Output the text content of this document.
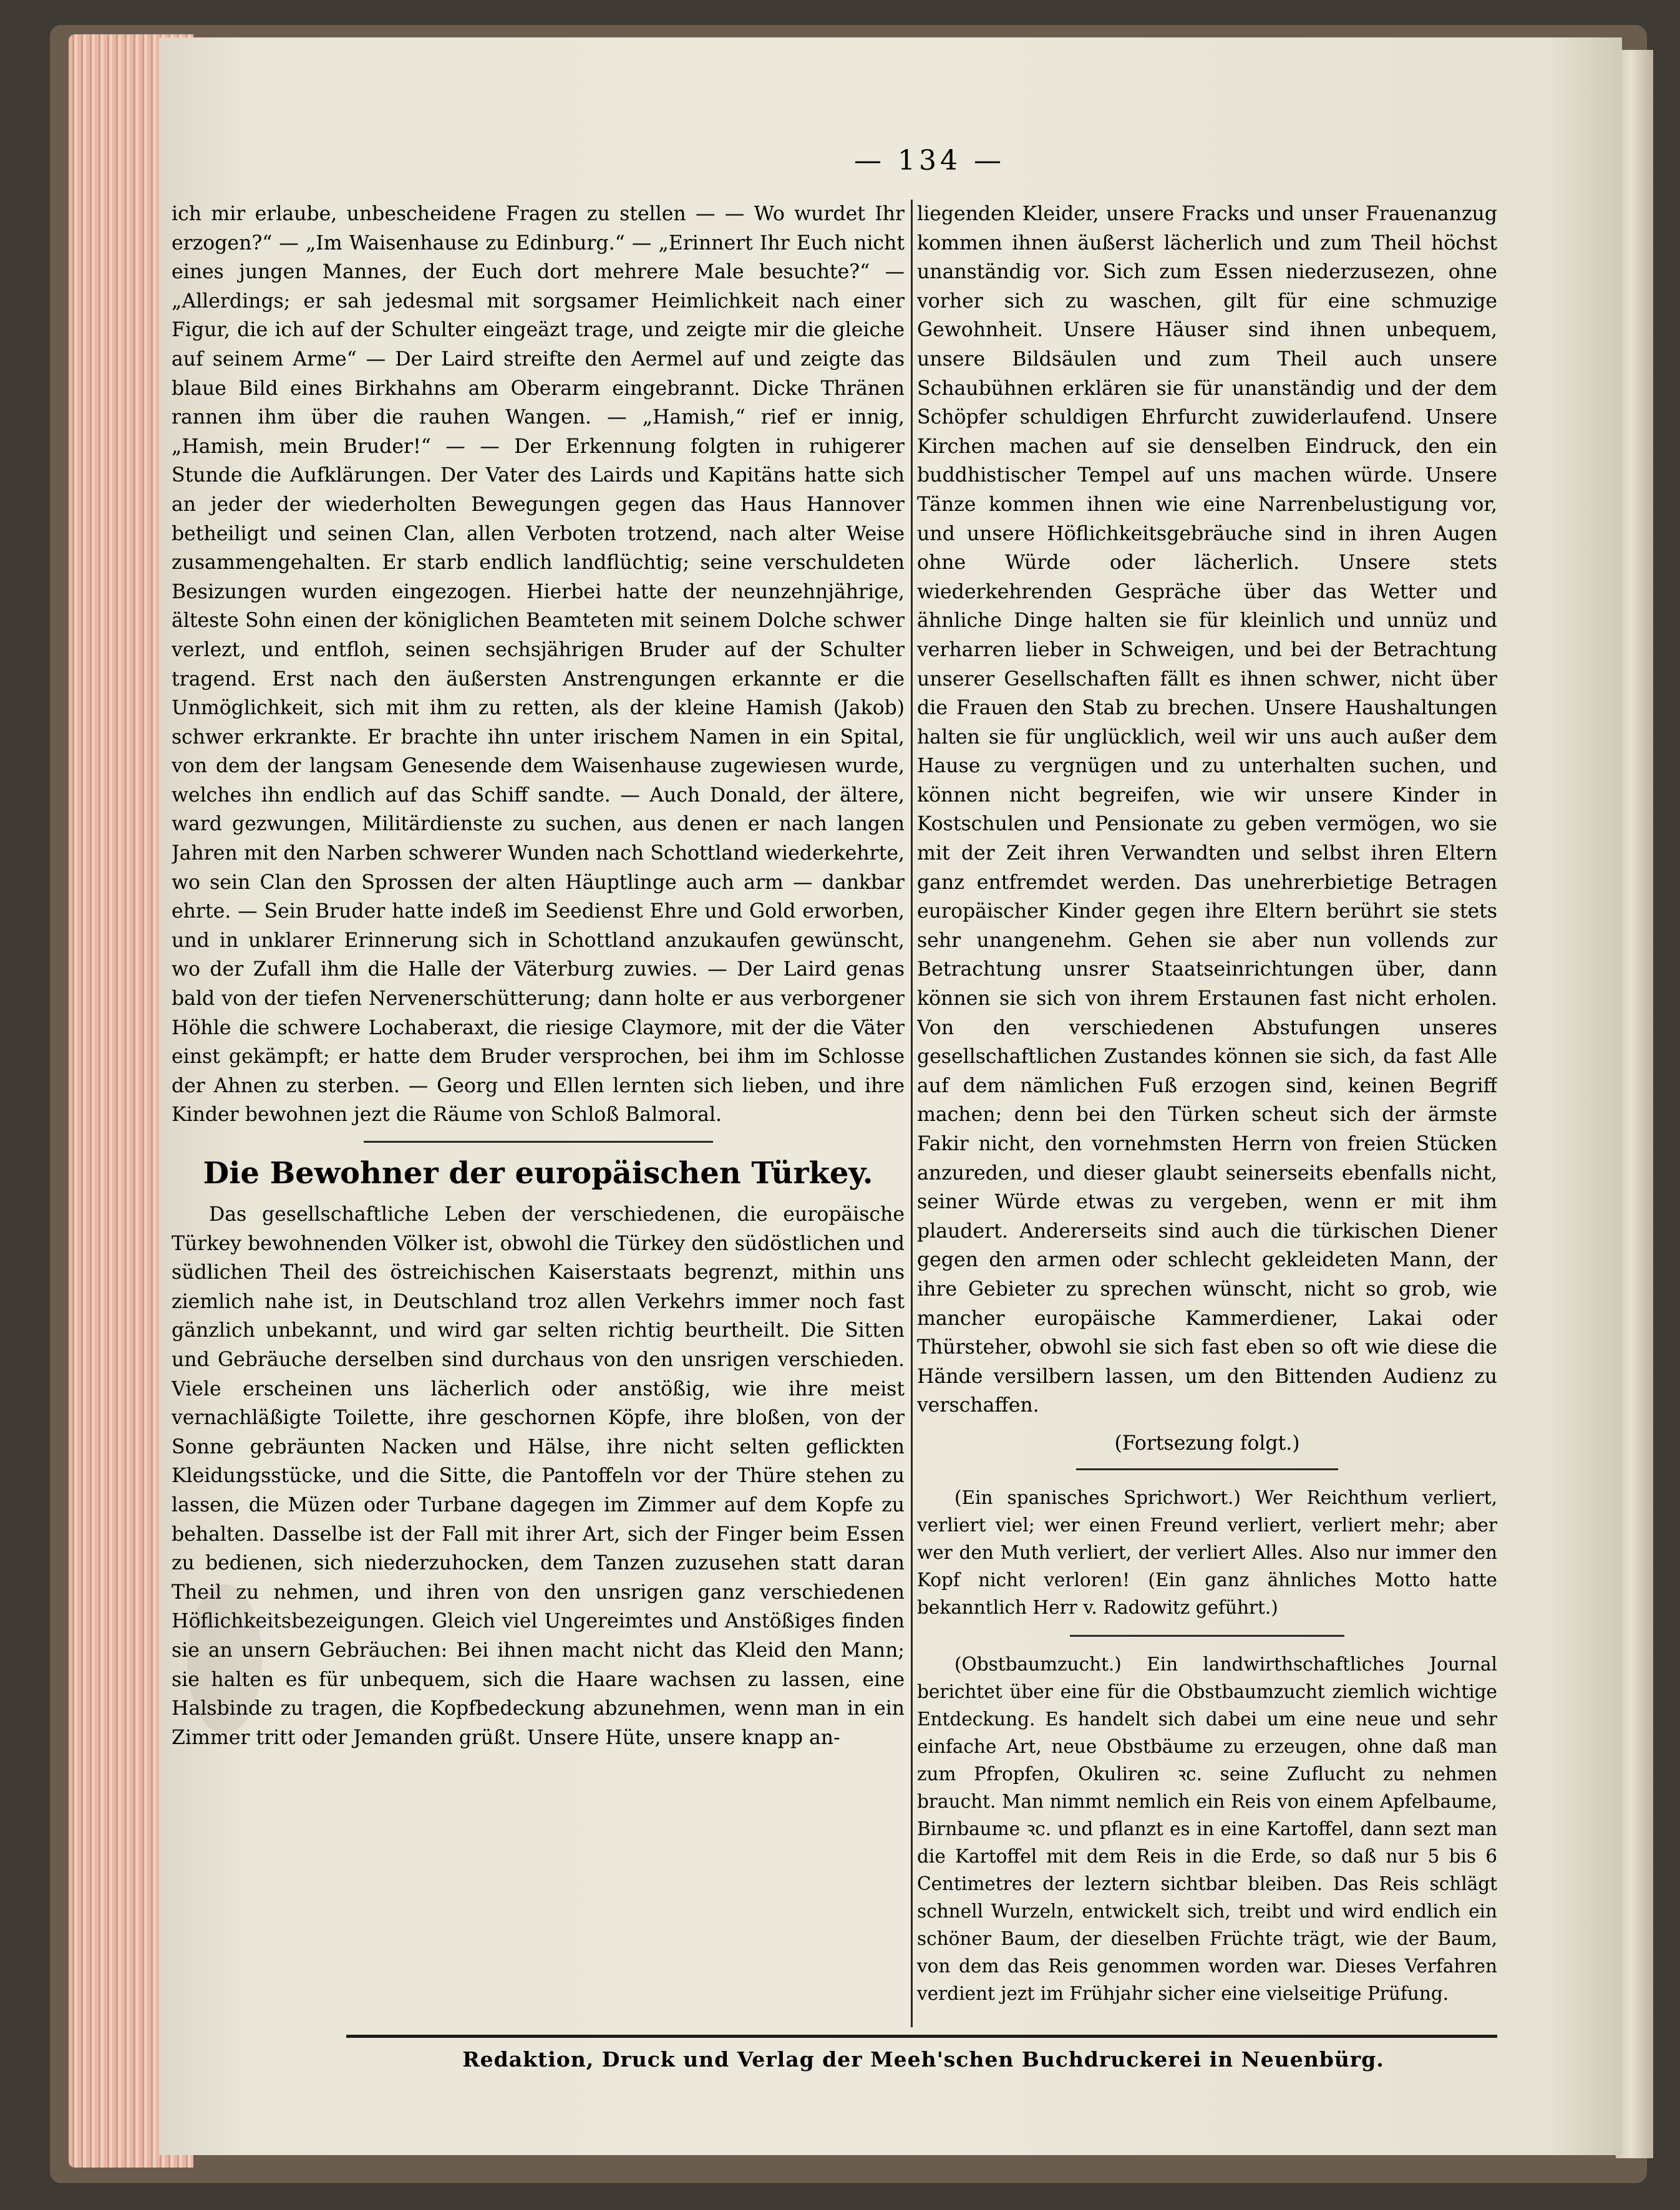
— 134 —

ich mir erlaube, unbescheidene Fragen zu stellen — — Wo wurdet Ihr erzogen?“ — „Im Waisenhause zu Edinburg.“ — „Erinnert Ihr Euch nicht eines jungen Mannes, der Euch dort mehrere Male besuchte?“ — „Allerdings; er sah jedesmal mit sorgsamer Heimlichkeit nach einer Figur, die ich auf der Schulter eingeäzt trage, und zeigte mir die gleiche auf seinem Arme“ — Der Laird streifte den Aermel auf und zeigte das blaue Bild eines Birkhahns am Oberarm eingebrannt. Dicke Thränen rannen ihm über die rauhen Wangen. — „Hamish,“ rief er innig, „Hamish, mein Bruder!“ — — Der Erkennung folgten in ruhigerer Stunde die Aufklärungen. Der Vater des Lairds und Kapitäns hatte sich an jeder der wiederholten Bewegungen gegen das Haus Hannover betheiligt und seinen Clan, allen Verboten trotzend, nach alter Weise zusammengehalten. Er starb endlich landflüchtig; seine verschuldeten Besizungen wurden eingezogen. Hierbei hatte der neunzehnjährige, älteste Sohn einen der königlichen Beamteten mit seinem Dolche schwer verlezt, und entfloh, seinen sechsjährigen Bruder auf der Schulter tragend. Erst nach den äußersten Anstrengungen erkannte er die Unmöglichkeit, sich mit ihm zu retten, als der kleine Hamish (Jakob) schwer erkrankte. Er brachte ihn unter irischem Namen in ein Spital, von dem der langsam Genesende dem Waisenhause zugewiesen wurde, welches ihn endlich auf das Schiff sandte. — Auch Donald, der ältere, ward gezwungen, Militärdienste zu suchen, aus denen er nach langen Jahren mit den Narben schwerer Wunden nach Schottland wiederkehrte, wo sein Clan den Sprossen der alten Häuptlinge auch arm — dankbar ehrte. — Sein Bruder hatte indeß im Seedienst Ehre und Gold erworben, und in unklarer Erinnerung sich in Schottland anzukaufen gewünscht, wo der Zufall ihm die Halle der Väterburg zuwies. — Der Laird genas bald von der tiefen Nervenerschütterung; dann holte er aus verborgener Höhle die schwere Lochaberaxt, die riesige Claymore, mit der die Väter einst gekämpft; er hatte dem Bruder versprochen, bei ihm im Schlosse der Ahnen zu sterben. — Georg und Ellen lernten sich lieben, und ihre Kinder bewohnen jezt die Räume von Schloß Balmoral.

Die Bewohner der europäischen Türkey.

Das gesellschaftliche Leben der verschiedenen, die europäische Türkey bewohnenden Völker ist, obwohl die Türkey den südöstlichen und südlichen Theil des östreichischen Kaiserstaats begrenzt, mithin uns ziemlich nahe ist, in Deutschland troz allen Verkehrs immer noch fast gänzlich unbekannt, und wird gar selten richtig beurtheilt. Die Sitten und Gebräuche derselben sind durchaus von den unsrigen verschieden. Viele erscheinen uns lächerlich oder anstößig, wie ihre meist vernachläßigte Toilette, ihre geschornen Köpfe, ihre bloßen, von der Sonne gebräunten Nacken und Hälse, ihre nicht selten geflickten Kleidungsstücke, und die Sitte, die Pantoffeln vor der Thüre stehen zu lassen, die Müzen oder Turbane dagegen im Zimmer auf dem Kopfe zu behalten. Dasselbe ist der Fall mit ihrer Art, sich der Finger beim Essen zu bedienen, sich niederzuhocken, dem Tanzen zuzusehen statt daran Theil zu nehmen, und ihren von den unsrigen ganz verschiedenen Höflichkeitsbezeigungen. Gleich viel Ungereimtes und Anstößiges finden sie an unsern Gebräuchen: Bei ihnen macht nicht das Kleid den Mann; sie halten es für unbequem, sich die Haare wachsen zu lassen, eine Halsbinde zu tragen, die Kopfbedeckung abzunehmen, wenn man in ein Zimmer tritt oder Jemanden grüßt. Unsere Hüte, unsere knapp an-

liegenden Kleider, unsere Fracks und unser Frauenanzug kommen ihnen äußerst lächerlich und zum Theil höchst unanständig vor. Sich zum Essen niederzusezen, ohne vorher sich zu waschen, gilt für eine schmuzige Gewohnheit. Unsere Häuser sind ihnen unbequem, unsere Bildsäulen und zum Theil auch unsere Schaubühnen erklären sie für unanständig und der dem Schöpfer schuldigen Ehrfurcht zuwiderlaufend. Unsere Kirchen machen auf sie denselben Eindruck, den ein buddhistischer Tempel auf uns machen würde. Unsere Tänze kommen ihnen wie eine Narrenbelustigung vor, und unsere Höflichkeitsgebräuche sind in ihren Augen ohne Würde oder lächerlich. Unsere stets wiederkehrenden Gespräche über das Wetter und ähnliche Dinge halten sie für kleinlich und unnüz und verharren lieber in Schweigen, und bei der Betrachtung unserer Gesellschaften fällt es ihnen schwer, nicht über die Frauen den Stab zu brechen. Unsere Haushaltungen halten sie für unglücklich, weil wir uns auch außer dem Hause zu vergnügen und zu unterhalten suchen, und können nicht begreifen, wie wir unsere Kinder in Kostschulen und Pensionate zu geben vermögen, wo sie mit der Zeit ihren Verwandten und selbst ihren Eltern ganz entfremdet werden. Das unehrerbietige Betragen europäischer Kinder gegen ihre Eltern berührt sie stets sehr unangenehm. Gehen sie aber nun vollends zur Betrachtung unsrer Staatseinrichtungen über, dann können sie sich von ihrem Erstaunen fast nicht erholen. Von den verschiedenen Abstufungen unseres gesellschaftlichen Zustandes können sie sich, da fast Alle auf dem nämlichen Fuß erzogen sind, keinen Begriff machen; denn bei den Türken scheut sich der ärmste Fakir nicht, den vornehmsten Herrn von freien Stücken anzureden, und dieser glaubt seinerseits ebenfalls nicht, seiner Würde etwas zu vergeben, wenn er mit ihm plaudert. Andererseits sind auch die türkischen Diener gegen den armen oder schlecht gekleideten Mann, der ihre Gebieter zu sprechen wünscht, nicht so grob, wie mancher europäische Kammerdiener, Lakai oder Thürsteher, obwohl sie sich fast eben so oft wie diese die Hände versilbern lassen, um den Bittenden Audienz zu verschaffen.

(Fortsezung folgt.)

(Ein spanisches Sprichwort.) Wer Reichthum verliert, verliert viel; wer einen Freund verliert, verliert mehr; aber wer den Muth verliert, der verliert Alles. Also nur immer den Kopf nicht verloren! (Ein ganz ähnliches Motto hatte bekanntlich Herr v. Radowitz geführt.)

(Obstbaumzucht.) Ein landwirthschaftliches Journal berichtet über eine für die Obstbaumzucht ziemlich wichtige Entdeckung. Es handelt sich dabei um eine neue und sehr einfache Art, neue Obstbäume zu erzeugen, ohne daß man zum Pfropfen, Okuliren ꝛc. seine Zuflucht zu nehmen braucht. Man nimmt nemlich ein Reis von einem Apfelbaume, Birnbaume ꝛc. und pflanzt es in eine Kartoffel, dann sezt man die Kartoffel mit dem Reis in die Erde, so daß nur 5 bis 6 Centimetres der leztern sichtbar bleiben. Das Reis schlägt schnell Wurzeln, entwickelt sich, treibt und wird endlich ein schöner Baum, der dieselben Früchte trägt, wie der Baum, von dem das Reis genommen worden war. Dieses Verfahren verdient jezt im Frühjahr sicher eine vielseitige Prüfung.

Redaktion, Druck und Verlag der Meeh'schen Buchdruckerei in Neuenbürg.
